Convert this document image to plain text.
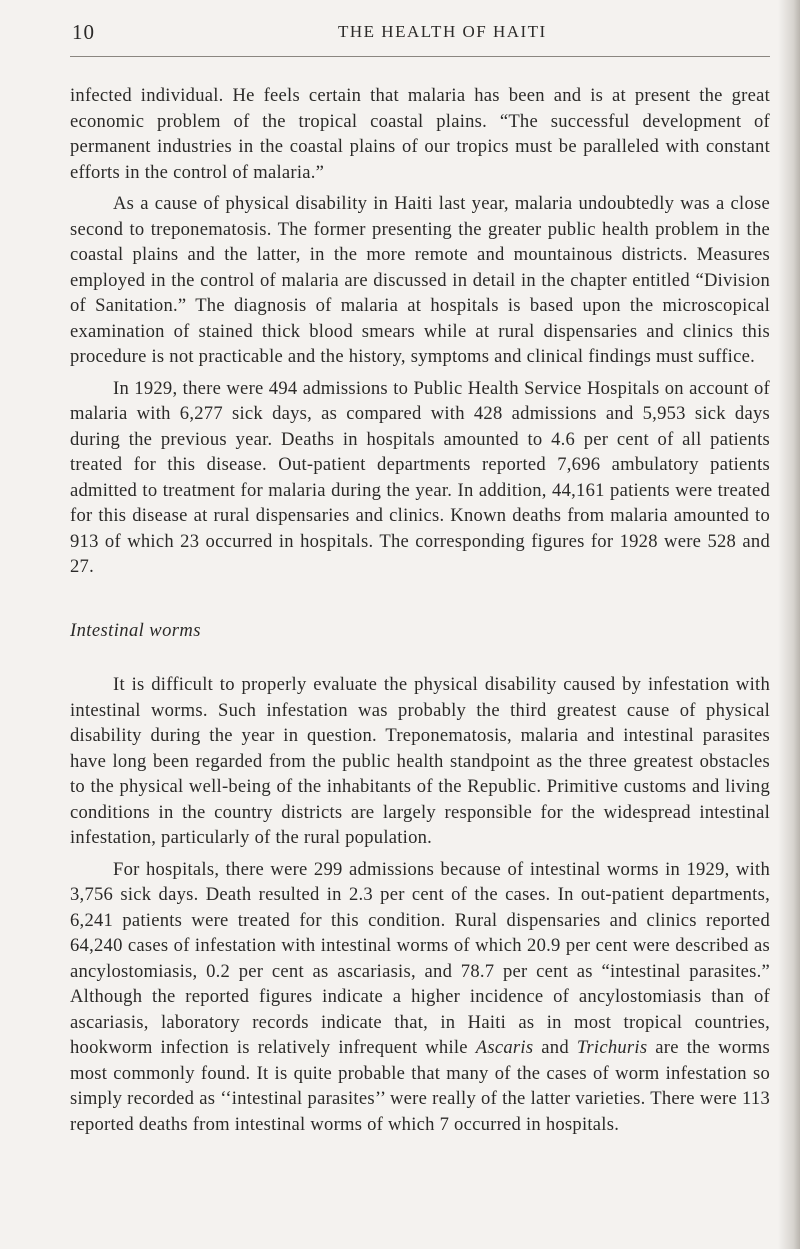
10	THE HEALTH OF HAITI

infected individual. He feels certain that malaria has been and is at present the great economic problem of the tropical coastal plains. “The successful development of permanent industries in the coastal plains of our tropics must be paralleled with constant efforts in the control of malaria.”

As a cause of physical disability in Haiti last year, malaria undoubtedly was a close second to treponematosis. The former presenting the greater public health problem in the coastal plains and the latter, in the more remote and mountainous districts. Measures employed in the control of malaria are discussed in detail in the chapter entitled “Division of Sanitation.” The diagnosis of malaria at hospitals is based upon the microscopical examination of stained thick blood smears while at rural dispensaries and clinics this procedure is not practicable and the history, symptoms and clinical findings must suffice.

In 1929, there were 494 admissions to Public Health Service Hospitals on account of malaria with 6,277 sick days, as compared with 428 admissions and 5,953 sick days during the previous year. Deaths in hospitals amounted to 4.6 per cent of all patients treated for this disease. Out-patient departments reported 7,696 ambulatory patients admitted to treatment for malaria during the year. In addition, 44,161 patients were treated for this disease at rural dispensaries and clinics. Known deaths from malaria amounted to 913 of which 23 occurred in hospitals. The corresponding figures for 1928 were 528 and 27.

Intestinal worms

It is difficult to properly evaluate the physical disability caused by infestation with intestinal worms. Such infestation was probably the third greatest cause of physical disability during the year in question. Treponematosis, malaria and intestinal parasites have long been regarded from the public health standpoint as the three greatest obstacles to the physical well-being of the inhabitants of the Republic. Primitive customs and living conditions in the country districts are largely responsible for the widespread intestinal infestation, particularly of the rural population.

For hospitals, there were 299 admissions because of intestinal worms in 1929, with 3,756 sick days. Death resulted in 2.3 per cent of the cases. In out-patient departments, 6,241 patients were treated for this condition. Rural dispensaries and clinics reported 64,240 cases of infestation with intestinal worms of which 20.9 per cent were described as ancylostomiasis, 0.2 per cent as ascariasis, and 78.7 per cent as “intestinal parasites.” Although the reported figures indicate a higher incidence of ancylostomiasis than of ascariasis, laboratory records indicate that, in Haiti as in most tropical countries, hookworm infection is relatively infrequent while Ascaris and Trichuris are the worms most commonly found. It is quite probable that many of the cases of worm infestation so simply recorded as ‘‘intestinal parasites’’ were really of the latter varieties. There were 113 reported deaths from intestinal worms of which 7 occurred in hospitals.
